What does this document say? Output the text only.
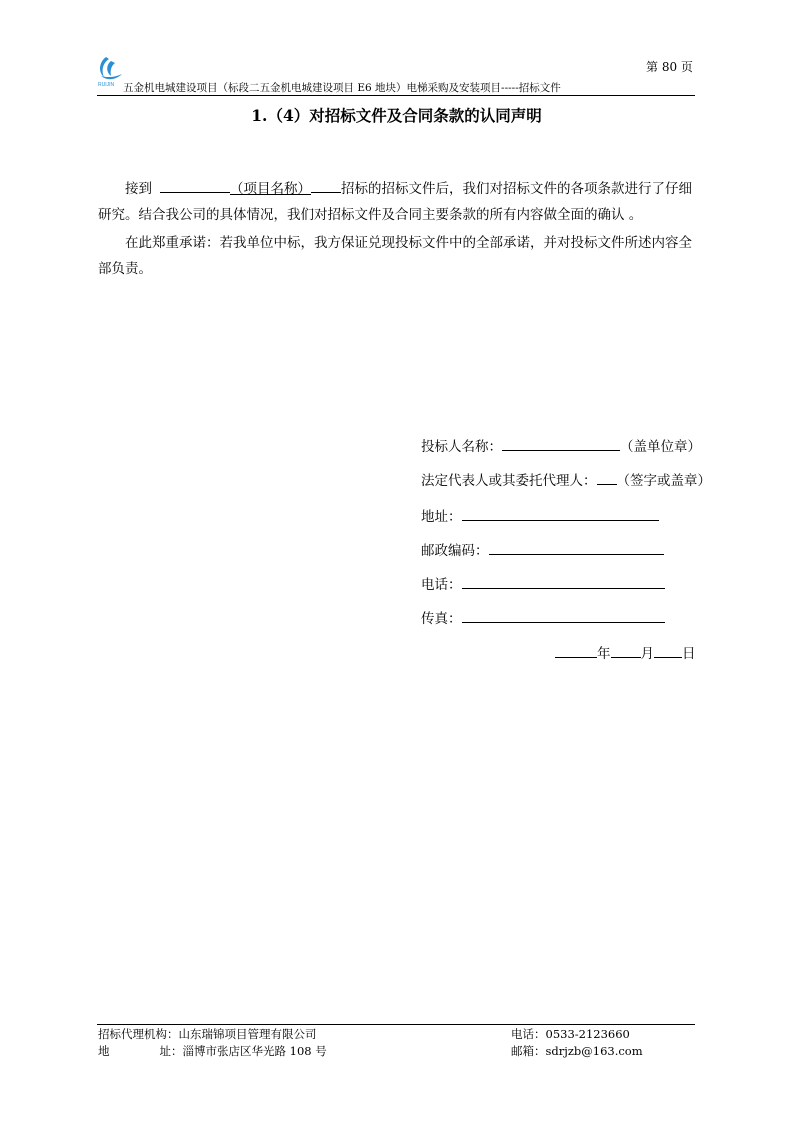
RUIJIN
第 80 页
五金机电城建设项目（标段二五金机电城建设项目 E6 地块）电梯采购及安装项目-----招标文件
1.（4）对招标文件及合同条款的认同声明
接到	（项目名称） 招标的招标文件后，我们对招标文件的各项条款进行了仔细研究。结合我公司的具体情况，我们对招标文件及合同主要条款的所有内容做全面的确认 。
在此郑重承诺：若我单位中标，我方保证兑现投标文件中的全部承诺，并对投标文件所述内容全部负责。
投标人名称：	（盖单位章）
法定代表人或其委托代理人： （签字或盖章）
地址：
邮政编码：
电话：
传真：
年 月 日
招标代理机构：山东瑞锦项目管理有限公司
地	址：淄博市张店区华光路 108 号
电话：0533-2123660
邮箱：sdrjzb@163.com
